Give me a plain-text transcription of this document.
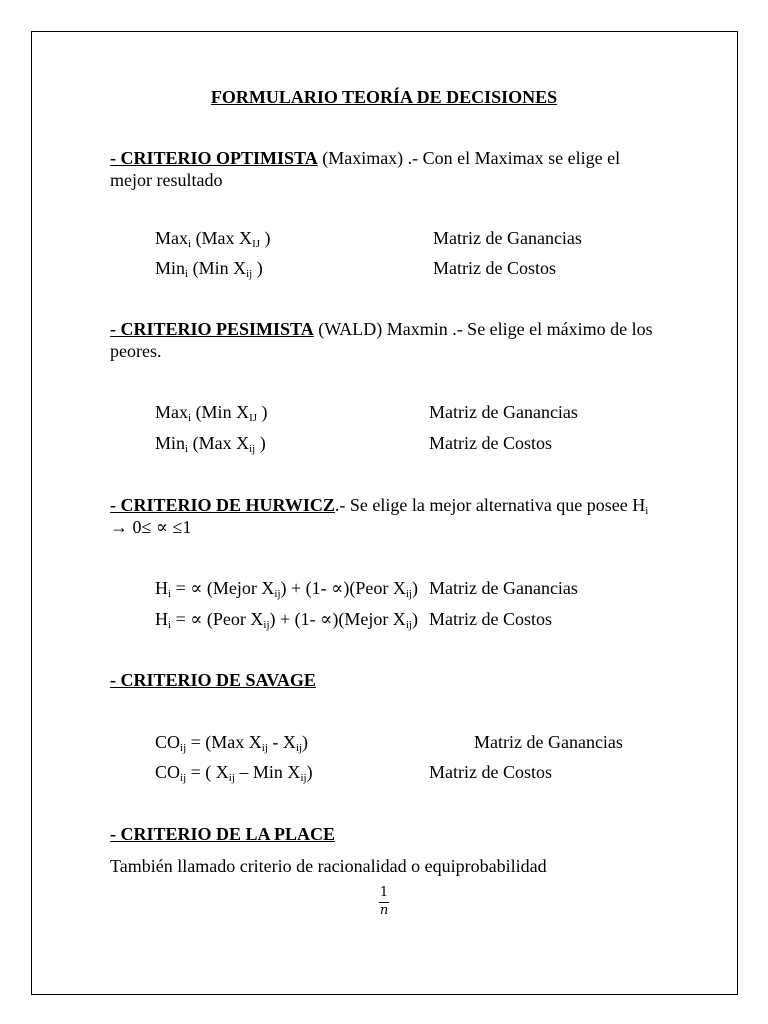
FORMULARIO TEORÍA DE DECISIONES
- CRITERIO OPTIMISTA (Maximax) .- Con el Maximax se elige el
mejor resultado
Max$_i$ (Max $X_{IJ}$ )	Matriz de Ganancias
Min$_i$ (Min $X_{ij}$ )	Matriz de Costos
- CRITERIO PESIMISTA (WALD) Maxmin .- Se elige el máximo de los
peores.
Max$_i$ (Min $X_{IJ}$ )	Matriz de Ganancias
Min$_i$ (Max $X_{ij}$ )	Matriz de Costos
- CRITERIO DE HURWICZ.- Se elige la mejor alternativa que posee $H_i$
→ 0≤ ∝ ≤1
$H_i$ = ∝ (Mejor $X_{ij}) + (1-$ ∝)(Peor $X_{ij}$) Matriz de Ganancias
$H_i$ = ∝ (Peor $X_{ij}) + (1-$ ∝)(Mejor $X_{ij}$) Matriz de Costos
- CRITERIO DE SAVAGE
$CO_{ij} = (Max$ $X_{ij} - X_{ij}$)	Matriz de Ganancias
$CO_{ij}$ = ( $X_{ij}$ – Min $X_{ij}$)	Matriz de Costos
- CRITERIO DE LA PLACE
También llamado criterio de racionalidad o equiprobabilidad
1
n
